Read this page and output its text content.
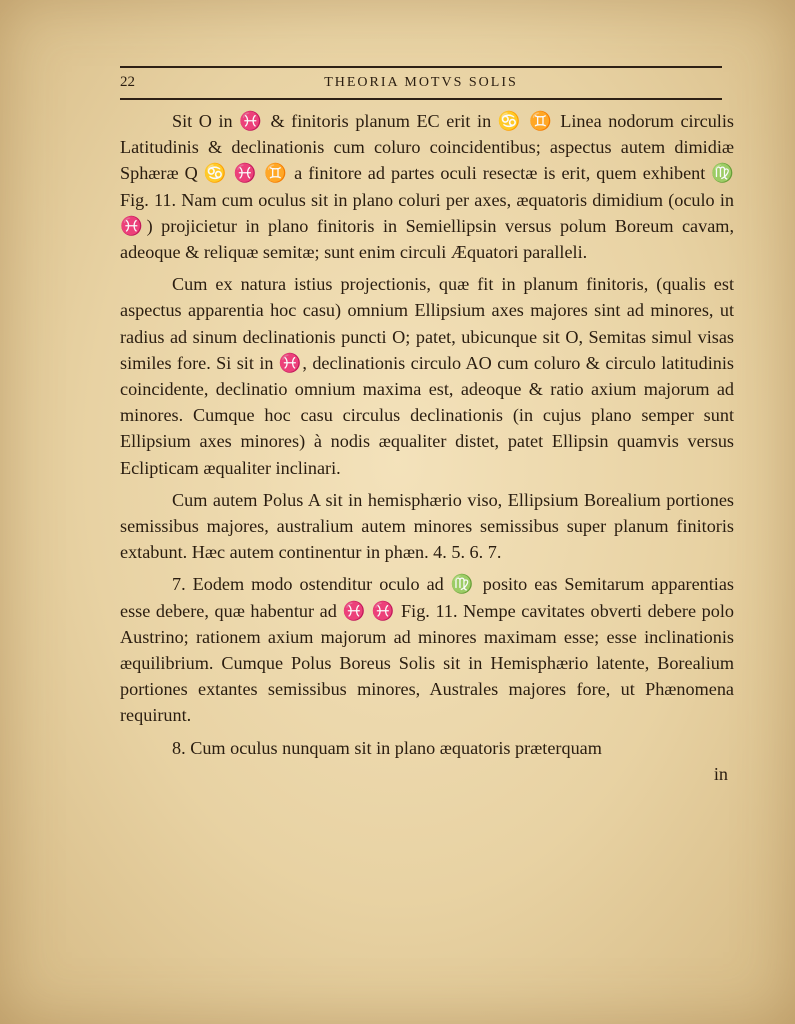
22	THEORIA MOTVS SOLIS

Sit O in ♓ & finitoris planum EC erit in ♋ ♊ Linea nodorum circulis Latitudinis & declinationis cum coluro coincidentibus; aspectus autem dimidiæ Sphæræ Q ♋ ♓ ♊ a finitore ad partes oculi resectæ is erit, quem exhibent ♍ Fig. 11. Nam cum oculus sit in plano coluri per axes, æquatoris dimidium (oculo in ♓) projicietur in plano finitoris in Semiellipsin versus polum Boreum cavam, adeoque & reliquæ semitæ; sunt enim circuli Æquatori paralleli.

Cum ex natura istius projectionis, quæ fit in planum finitoris, (qualis est aspectus apparentia hoc casu) omnium Ellipsium axes majores sint ad minores, ut radius ad sinum declinationis puncti O; patet, ubicunque sit O, Semitas simul visas similes fore. Si sit in ♓, declinationis circulo AO cum coluro & circulo latitudinis coincidente, declinatio omnium maxima est, adeoque & ratio axium majorum ad minores. Cumque hoc casu circulus declinationis (in cujus plano semper sunt Ellipsium axes minores) à nodis æqualiter distet, patet Ellipsin quamvis versus Eclipticam æqualiter inclinari.

Cum autem Polus A sit in hemisphærio viso, Ellipsium Borealium portiones semissibus majores, australium autem minores semissibus super planum finitoris extabunt. Hæc autem continentur in phæn. 4. 5. 6. 7.

7. Eodem modo ostenditur oculo ad ♍ posito eas Semitarum apparentias esse debere, quæ habentur ad ♓ ♓ Fig. 11. Nempe cavitates obverti debere polo Austrino; rationem axium majorum ad minores maximam esse; esse inclinationis æquilibrium. Cumque Polus Boreus Solis sit in Hemisphærio latente, Borealium portiones extantes semissibus minores, Australes majores fore, ut Phænomena requirunt.

8. Cum oculus nunquam sit in plano æquatoris præterquam

in
